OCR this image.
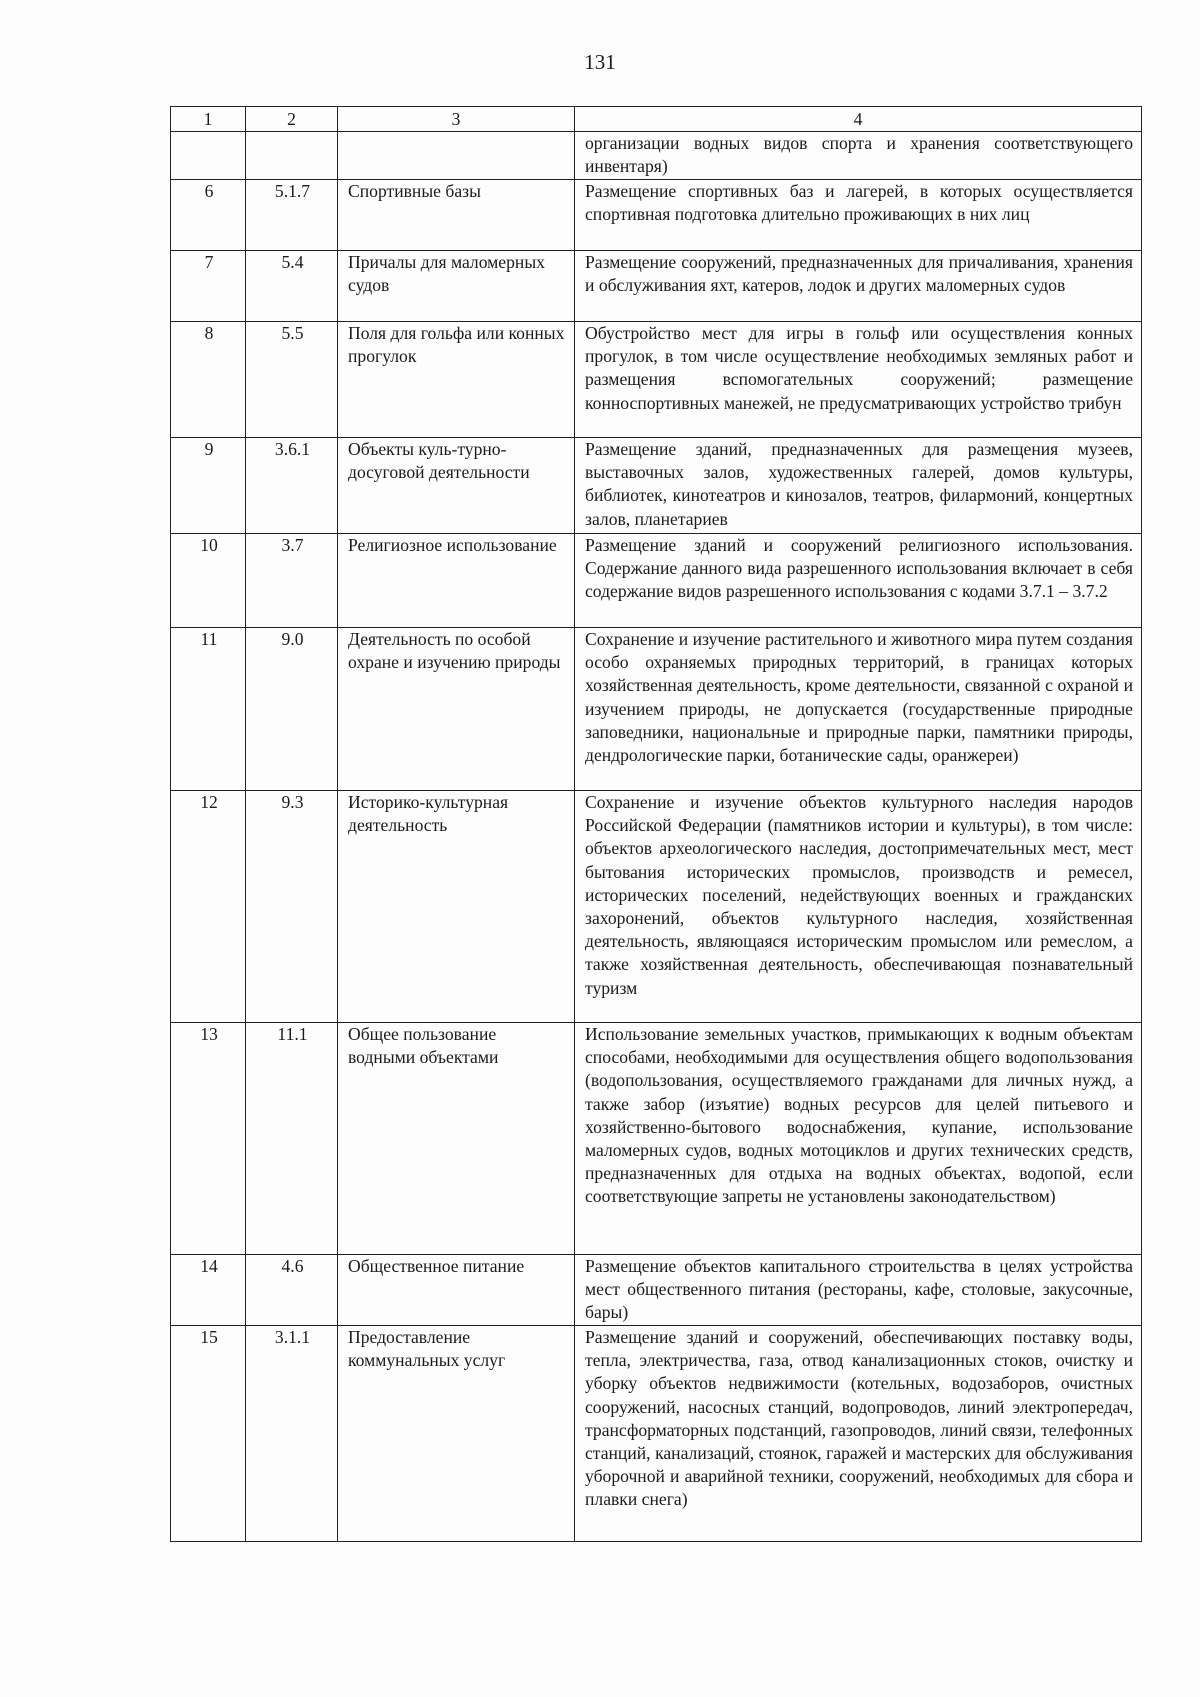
131
1	2	3	4
			организации водных видов спорта и хранения соответствующего инвентаря)
6	5.1.7	Спортивные базы	Размещение спортивных баз и лагерей, в которых осуществляется спортивная подготовка длительно проживающих в них лиц
7	5.4	Причалы для маломерных судов	Размещение сооружений, предназначенных для причаливания, хранения и обслуживания яхт, катеров, лодок и других маломерных судов
8	5.5	Поля для гольфа или конных прогулок	Обустройство мест для игры в гольф или осуществления конных прогулок, в том числе осуществление необходимых земляных работ и размещения вспомогательных сооружений; размещение конноспортивных манежей, не предусматривающих устройство трибун
9	3.6.1	Объекты куль-турно-досуговой деятельности	Размещение зданий, предназначенных для размещения музеев, выставочных залов, художественных галерей, домов культуры, библиотек, кинотеатров и кинозалов, театров, филармоний, концертных залов, планетариев
10	3.7	Религиозное использование	Размещение зданий и сооружений религиозного использования. Содержание данного вида разрешенного использования включает в себя содержание видов разрешенного использования с кодами 3.7.1 – 3.7.2
11	9.0	Деятельность по особой охране и изучению природы	Сохранение и изучение растительного и животного мира путем создания особо охраняемых природных территорий, в границах которых хозяйственная деятельность, кроме деятельности, связанной с охраной и изучением природы, не допускается (государственные природные заповедники, национальные и природные парки, памятники природы, дендрологические парки, ботанические сады, оранжереи)
12	9.3	Историко-культурная деятельность	Сохранение и изучение объектов культурного наследия народов Российской Федерации (памятников истории и культуры), в том числе: объектов археологического наследия, достопримечательных мест, мест бытования исторических промыслов, производств и ремесел, исторических поселений, недействующих военных и гражданских захоронений, объектов культурного наследия, хозяйственная деятельность, являющаяся историческим промыслом или ремеслом, а также хозяйственная деятельность, обеспечивающая познавательный туризм
13	11.1	Общее пользование водными объектами	Использование земельных участков, примыкающих к водным объектам способами, необходимыми для осуществления общего водопользования (водопользования, осуществляемого гражданами для личных нужд, а также забор (изъятие) водных ресурсов для целей питьевого и хозяйственно-бытового водоснабжения, купание, использование маломерных судов, водных мотоциклов и других технических средств, предназначенных для отдыха на водных объектах, водопой, если соответствующие запреты не установлены законодательством)
14	4.6	Общественное питание	Размещение объектов капитального строительства в целях устройства мест общественного питания (рестораны, кафе, столовые, закусочные, бары)
15	3.1.1	Предоставление коммунальных услуг	Размещение зданий и сооружений, обеспечивающих поставку воды, тепла, электричества, газа, отвод канализационных стоков, очистку и уборку объектов недвижимости (котельных, водозаборов, очистных сооружений, насосных станций, водопроводов, линий электропередач, трансформаторных подстанций, газопроводов, линий связи, телефонных станций, канализаций, стоянок, гаражей и мастерских для обслуживания уборочной и аварийной техники, сооружений, необходимых для сбора и плавки снега)
